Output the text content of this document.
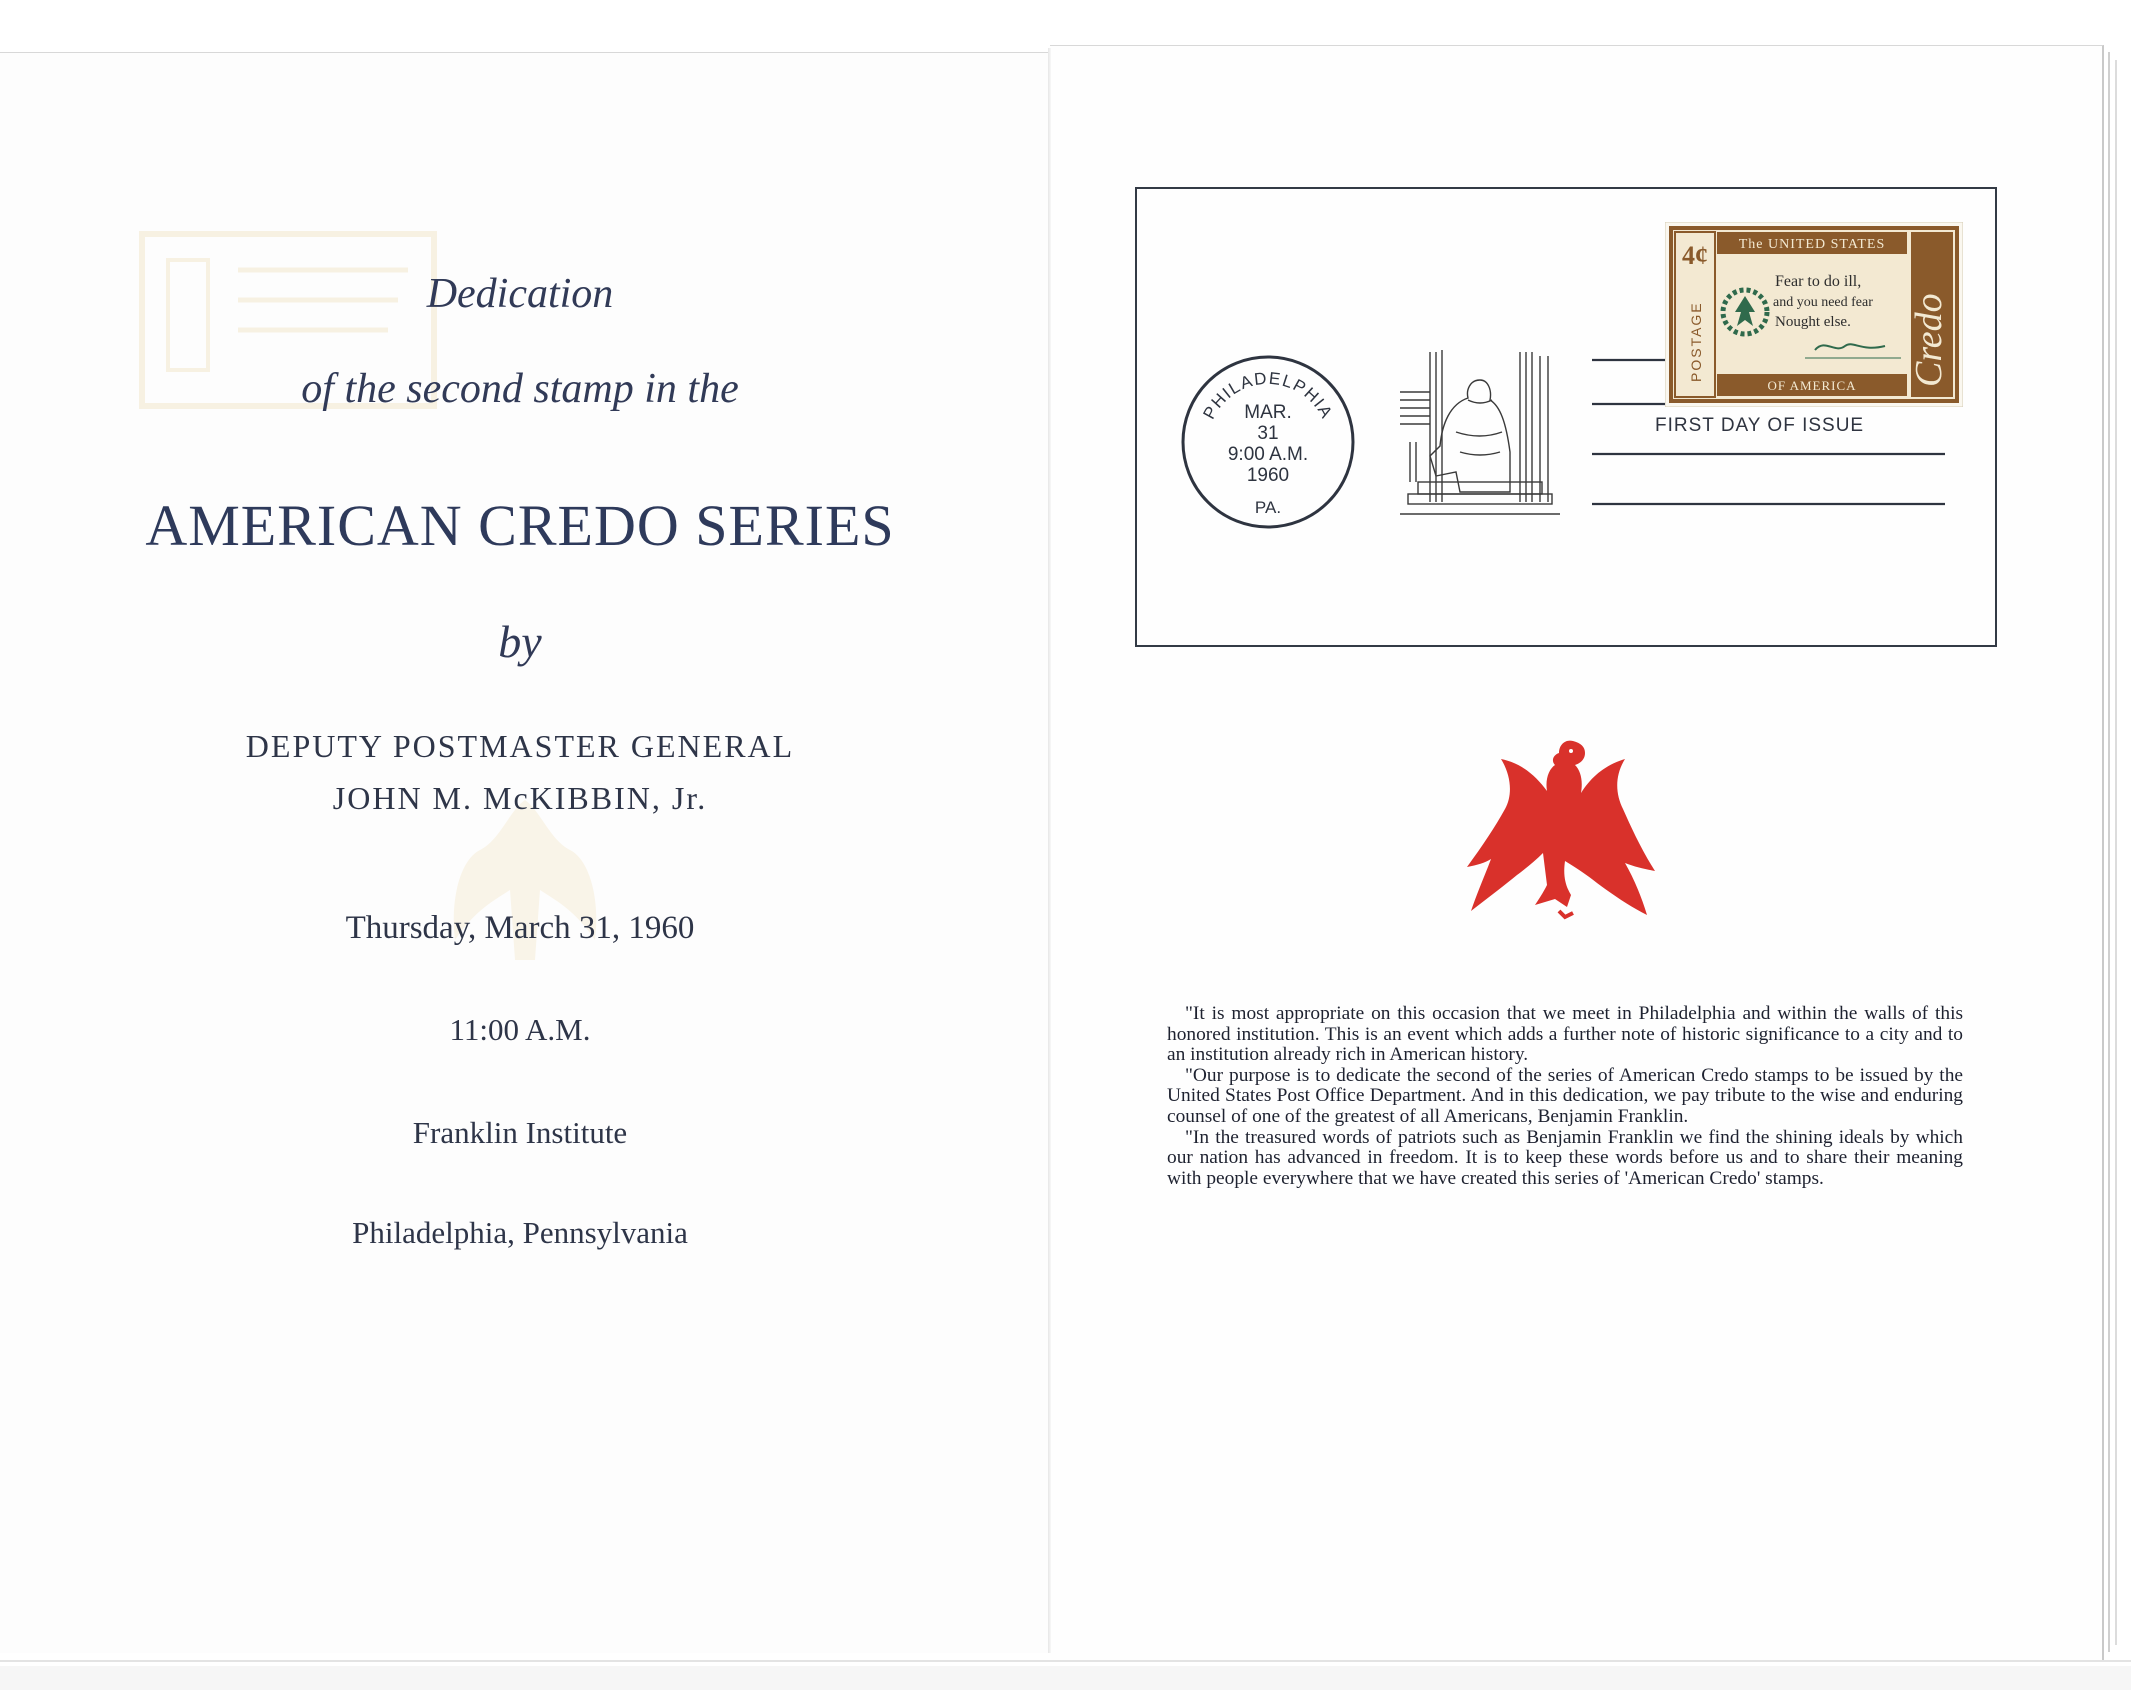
Dedication
of the second stamp in the
AMERICAN CREDO SERIES
by
DEPUTY POSTMASTER GENERAL
JOHN M. McKIBBIN, Jr.
Thursday, March 31, 1960
11:00 A.M.
Franklin Institute
Philadelphia, Pennsylvania
PHILADELPHIA
MAR.
31
9:00 A.M.
1960
PA.
FIRST DAY OF ISSUE
4¢
POSTAGE
The UNITED STATES
OF AMERICA Credo
Fear to do ill,
and you need fear
Nought else.

"It is most appropriate on this occasion that we meet in Philadelphia and within the walls of this honored institution. This is an event which adds a further note of historic significance to a city and to an institution already rich in American history.

"Our purpose is to dedicate the second of the series of American Credo stamps to be issued by the United States Post Office Department. And in this dedication, we pay tribute to the wise and enduring counsel of one of the greatest of all Americans, Benjamin Franklin.

"In the treasured words of patriots such as Benjamin Franklin we find the shining ideals by which our nation has advanced in freedom. It is to keep these words before us and to share their meaning with people everywhere that we have created this series of 'American Credo' stamps.
